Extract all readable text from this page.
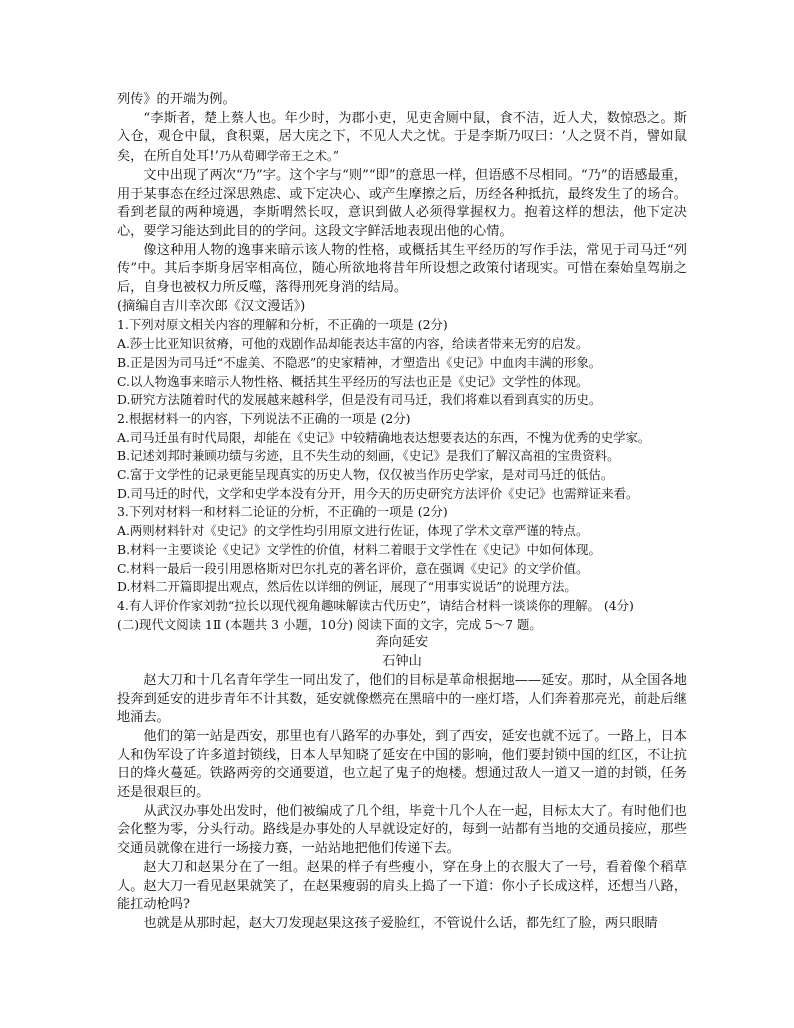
列传》的开端为例。

“李斯者，楚上蔡人也。年少时，为郡小吏，见吏舍厕中鼠，食不洁，近人犬，数惊恐之。斯入仓，观仓中鼠，食积粟，居大庑之下，不见人犬之忧。于是李斯乃叹曰：‘人之贤不肖，譬如鼠矣，在所自处耳!’乃从荀卿学帝王之术。”

文中出现了两次“乃”字。这个字与“则”“即”的意思一样，但语感不尽相同。“乃”的语感最重，用于某事态在经过深思熟虑、或下定决心、或产生摩擦之后，历经各种抵抗，最终发生了的场合。看到老鼠的两种境遇，李斯喟然长叹，意识到做人必须得掌握权力。抱着这样的想法，他下定决心，要学习能达到此目的的学问。这段文字鲜活地表现出他的心情。

像这种用人物的逸事来暗示该人物的性格，或概括其生平经历的写作手法，常见于司马迁“列传”中。其后李斯身居宰相高位，随心所欲地将昔年所设想之政策付诸现实。可惜在秦始皇驾崩之后，自身也被权力所反噬，落得刑死身消的结局。

(摘编自吉川幸次郎《汉文漫话》)

1.下列对原文相关内容的理解和分析，不正确的一项是 (2分)

A.莎士比亚知识贫瘠，可他的戏剧作品却能表达丰富的内容，给读者带来无穷的启发。

B.正是因为司马迁“不虚美、不隐恶”的史家精神，才塑造出《史记》中血肉丰满的形象。

C.以人物逸事来暗示人物性格、概括其生平经历的写法也正是《史记》文学性的体现。

D.研究方法随着时代的发展越来越科学，但是没有司马迁，我们将难以看到真实的历史。

2.根据材料一的内容，下列说法不正确的一项是 (2分)

A.司马迁虽有时代局限，却能在《史记》中较精确地表达想要表达的东西，不愧为优秀的史学家。

B.记述刘邦时兼顾功绩与劣迹，且不失生动的刻画，《史记》是我们了解汉高祖的宝贵资料。

C.富于文学性的记录更能呈现真实的历史人物，仅仅被当作历史学家，是对司马迁的低估。

D.司马迁的时代，文学和史学本没有分开，用今天的历史研究方法评价《史记》也需辩证来看。

3.下列对材料一和材料二论证的分析，不正确的一项是 (2分)

A.两则材料针对《史记》的文学性均引用原文进行佐证，体现了学术文章严谨的特点。

B.材料一主要谈论《史记》文学性的价值，材料二着眼于文学性在《史记》中如何体现。

C.材料一最后一段引用恩格斯对巴尔扎克的著名评价，意在强调《史记》的文学价值。

D.材料二开篇即提出观点，然后佐以详细的例证，展现了“用事实说话”的说理方法。

4.有人评价作家刘勃“拉长以现代视角趣味解读古代历史”，请结合材料一谈谈你的理解。 (4分)

(二)现代文阅读 1Ⅱ (本题共 3 小题，10分) 阅读下面的文字，完成 5～7 题。

奔向延安

石钟山

赵大刀和十几名青年学生一同出发了，他们的目标是革命根据地——延安。那时，从全国各地投奔到延安的进步青年不计其数，延安就像燃亮在黑暗中的一座灯塔，人们奔着那亮光，前赴后继地涌去。

他们的第一站是西安，那里也有八路军的办事处，到了西安，延安也就不远了。一路上，日本人和伪军设了许多道封锁线，日本人早知晓了延安在中国的影响，他们要封锁中国的红区，不让抗日的烽火蔓延。铁路两旁的交通要道，也立起了鬼子的炮楼。想通过敌人一道又一道的封锁，任务还是很艰巨的。

从武汉办事处出发时，他们被编成了几个组，毕竟十几个人在一起，目标太大了。有时他们也会化整为零，分头行动。路线是办事处的人早就设定好的，每到一站都有当地的交通员接应，那些交通员就像在进行一场接力赛，一站站地把他们传递下去。

赵大刀和赵果分在了一组。赵果的样子有些瘦小，穿在身上的衣服大了一号，看着像个稻草人。赵大刀一看见赵果就笑了，在赵果瘦弱的肩头上捣了一下道：你小子长成这样，还想当八路，能扛动枪吗?

也就是从那时起，赵大刀发现赵果这孩子爱脸红，不管说什么话，都先红了脸，两只眼睛
